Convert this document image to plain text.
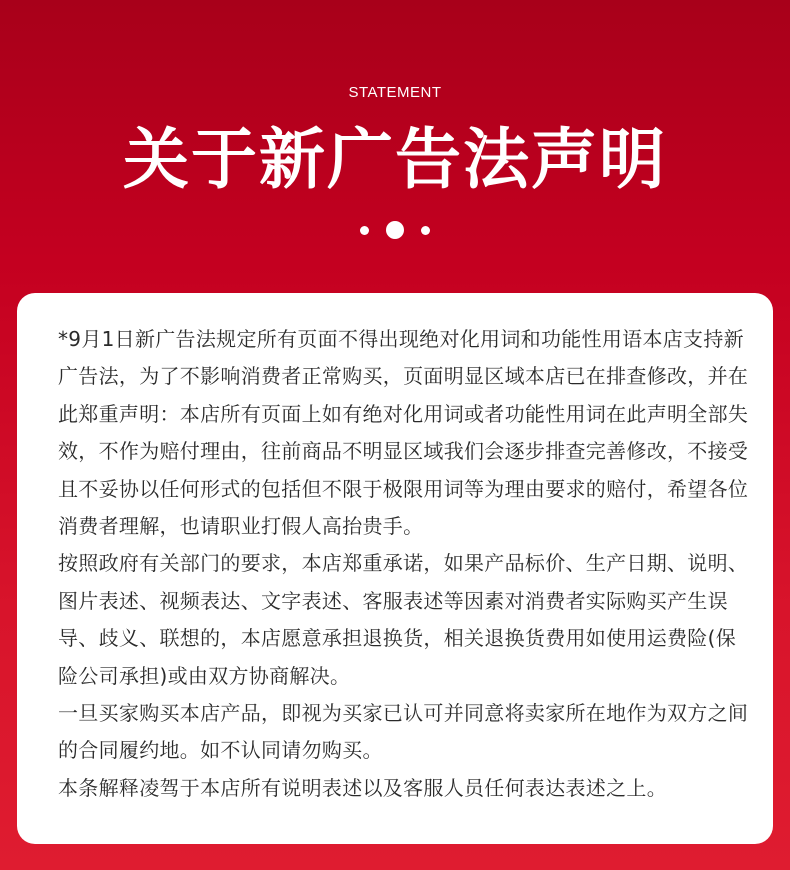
STATEMENT
关于新广告法声明

*9月1日新广告法规定所有页面不得出现绝对化用词和功能性用语本店支持新广告法，为了不影响消费者正常购买，页面明显区域本店已在排查修改，并在此郑重声明：本店所有页面上如有绝对化用词或者功能性用词在此声明全部失效，不作为赔付理由，往前商品不明显区域我们会逐步排查完善修改，不接受且不妥协以任何形式的包括但不限于极限用词等为理由要求的赔付，希望各位消费者理解，也请职业打假人高抬贵手。

按照政府有关部门的要求，本店郑重承诺，如果产品标价、生产日期、说明、图片表述、视频表达、文字表述、客服表述等因素对消费者实际购买产生误导、歧义、联想的，本店愿意承担退换货，相关退换货费用如使用运费险(保险公司承担)或由双方协商解决。

一旦买家购买本店产品，即视为买家已认可并同意将卖家所在地作为双方之间的合同履约地。如不认同请勿购买。

本条解释凌驾于本店所有说明表述以及客服人员任何表达表述之上。
